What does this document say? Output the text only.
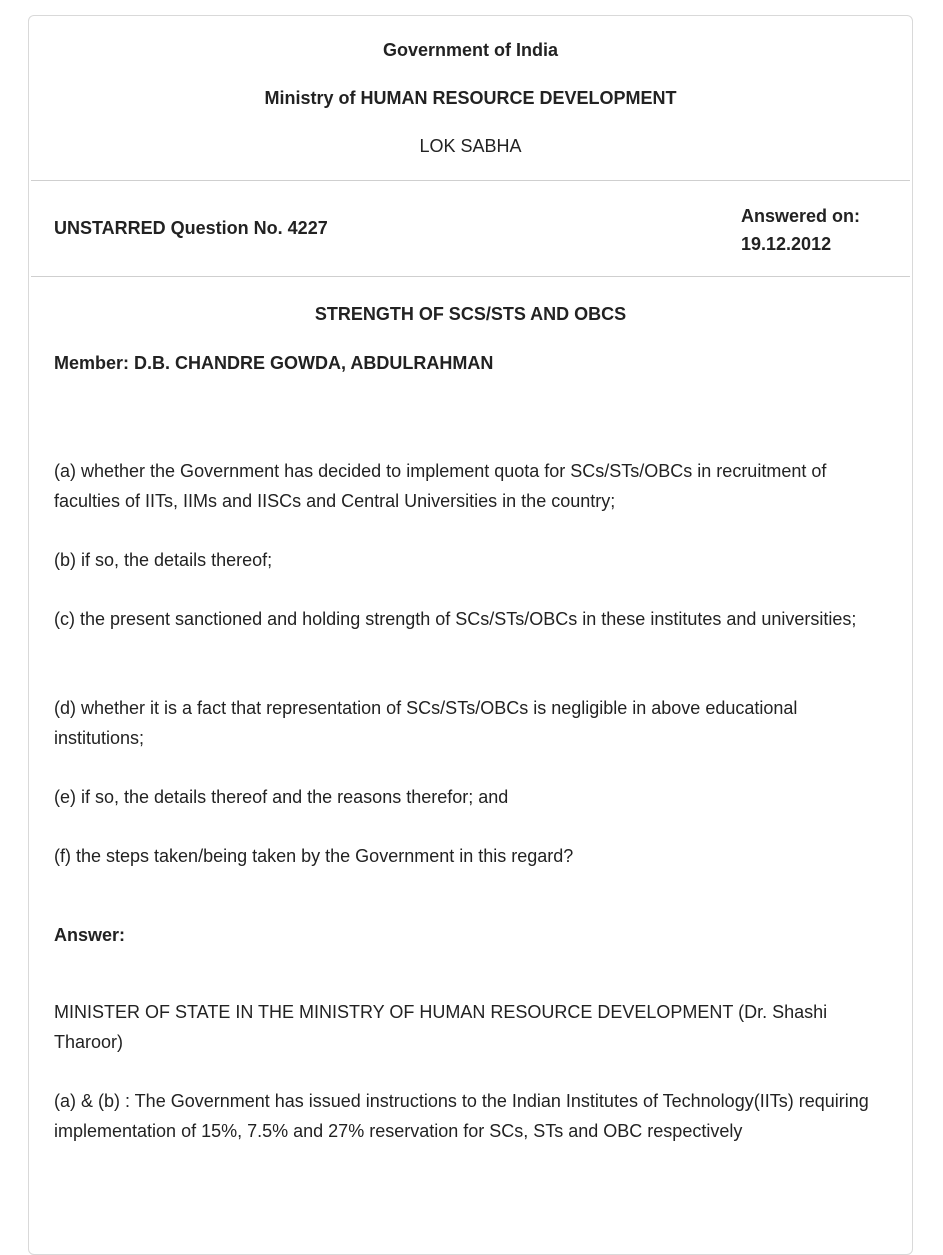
Government of India
Ministry of HUMAN RESOURCE DEVELOPMENT
LOK SABHA
UNSTARRED Question No. 4227
Answered on:
19.12.2012
STRENGTH OF SCS/STS AND OBCS
Member: D.B. CHANDRE GOWDA, ABDULRAHMAN
(a) whether the Government has decided to implement quota for SCs/STs/OBCs in recruitment of faculties of IITs, IIMs and IISCs and Central Universities in the country;
(b) if so, the details thereof;
(c) the present sanctioned and holding strength of SCs/STs/OBCs in these institutes and universities;
(d) whether it is a fact that representation of SCs/STs/OBCs is negligible in above educational institutions;
(e) if so, the details thereof and the reasons therefor; and
(f) the steps taken/being taken by the Government in this regard?
Answer:
MINISTER OF STATE IN THE MINISTRY OF HUMAN RESOURCE DEVELOPMENT (Dr. Shashi Tharoor)
(a) & (b) : The Government has issued instructions to the Indian Institutes of Technology(IITs) requiring implementation of 15%, 7.5% and 27% reservation for SCs, STs and OBC respectively
